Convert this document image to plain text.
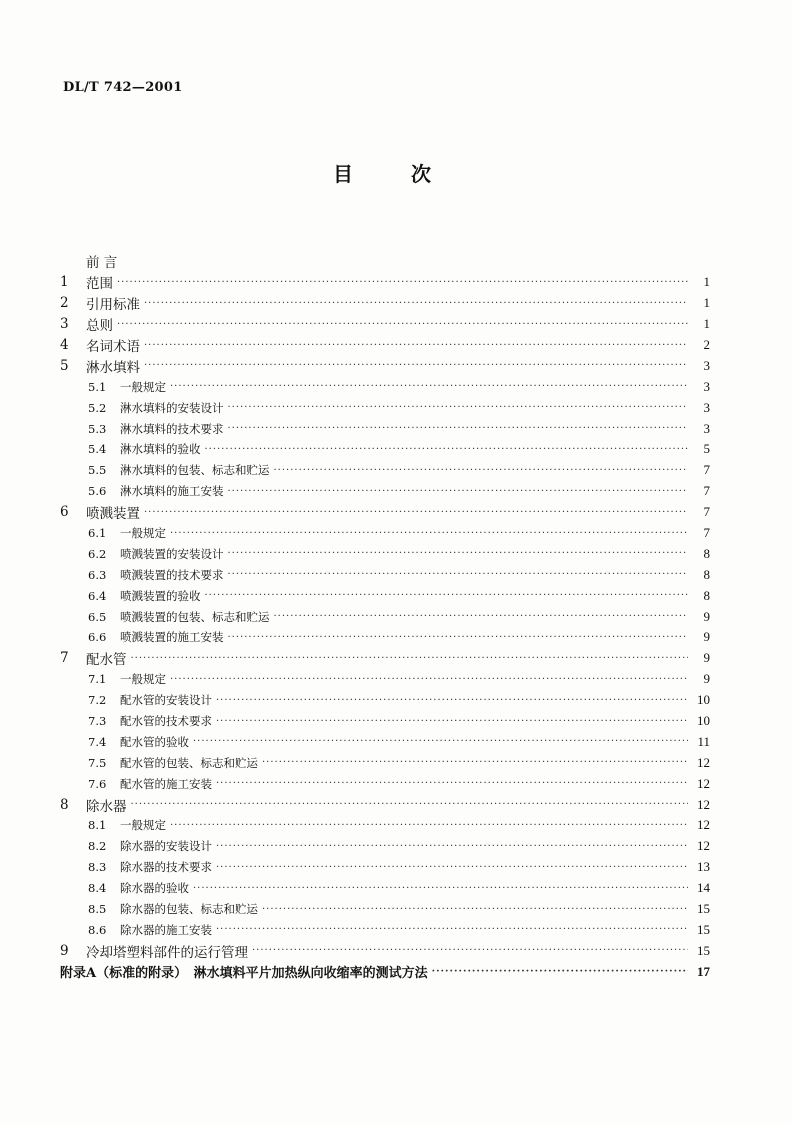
DL/T 742—2001
目	次
前 言
1	范围 ·····	1
2	引用标准 ·····	1
3	总则 ·····	1
4	名词术语 ·····	2
5	淋水填料 ·····	3
5.1	一般规定 ·····	3
5.2	淋水填料的安装设计 ·····	3
5.3	淋水填料的技术要求 ·····	3
5.4	淋水填料的验收 ·····	5
5.5	淋水填料的包装、标志和贮运 ·····	7
5.6	淋水填料的施工安装 ·····	7
6	喷溅装置 ·····	7
6.1	一般规定 ·····	7
6.2	喷溅装置的安装设计 ·····	8
6.3	喷溅装置的技术要求 ·····	8
6.4	喷溅装置的验收 ·····	8
6.5	喷溅装置的包装、标志和贮运 ·····	9
6.6	喷溅装置的施工安装 ·····	9
7	配水管 ·····	9
7.1	一般规定 ·····	9
7.2	配水管的安装设计 ·····	10
7.3	配水管的技术要求 ·····	10
7.4	配水管的验收 ·····	11
7.5	配水管的包装、标志和贮运 ·····	12
7.6	配水管的施工安装 ·····	12
8	除水器 ·····	12
8.1	一般规定 ·····	12
8.2	除水器的安装设计 ·····	12
8.3	除水器的技术要求 ·····	13
8.4	除水器的验收 ·····	14
8.5	除水器的包装、标志和贮运 ·····	15
8.6	除水器的施工安装 ·····	15
9	冷却塔塑料部件的运行管理 ·····	15
附录A（标准的附录）　淋水填料平片加热纵向收缩率的测试方法 ·····	17
